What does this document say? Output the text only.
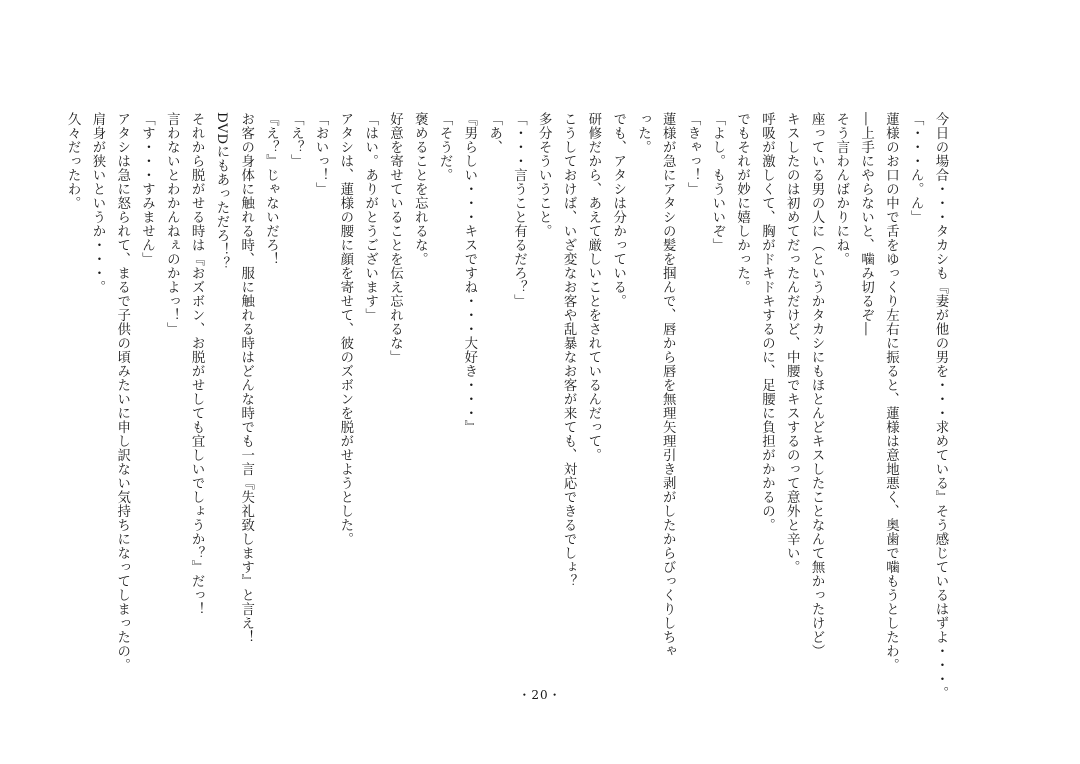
今日の場合・・・タカシも『妻が他の男を・・・求めている』そう感じているはずよ・・・。
「・・・ん。ん」
蓮様のお口の中で舌をゆっくり左右に振ると、蓮様は意地悪く、奥歯で噛もうとしたわ。
―上手にやらないと、噛み切るぞ―
そう言わんばかりにね。
座っている男の人に（というかタカシにもほとんどキスしたことなんて無かったけど）
キスしたのは初めてだったんだけど、中腰でキスするのって意外と辛い。
呼吸が激しくて、胸がドキドキするのに、足腰に負担がかかるの。
でもそれが妙に嬉しかった。
「よし。もういいぞ」
「きゃっ！」
蓮様が急にアタシの髪を掴んで、唇から唇を無理矢理引き剥がしたからびっくりしちゃ
った。
でも、アタシは分かっている。
研修だから、あえて厳しいことをされているんだって。
こうしておけば、いざ変なお客や乱暴なお客が来ても、対応できるでしょ？
多分そういうこと。
「・・・言うこと有るだろ？」
「あ、
『男らしい・・・キスですね・・・大好き・・・』
「そうだ。
褒めることを忘れるな。
好意を寄せていることを伝え忘れるな」
「はい。ありがとうございます」
アタシは、蓮様の腰に顔を寄せて、彼のズボンを脱がせようとした。
「おいっ！」
「え？」
『え？』じゃないだろ！
お客の身体に触れる時、服に触れる時はどんな時でも一言『失礼致します』と言え！
DVDにもあっただろ！？
それから脱がせる時は『おズボン、お脱がせしても宜しいでしょうか？』だっ！
言わないとわかんねぇのかよっ！」
「す・・・すみません」
アタシは急に怒られて、まるで子供の頃みたいに申し訳ない気持ちになってしまったの。
肩身が狭いというか・・・。
久々だったわ。
・20・
